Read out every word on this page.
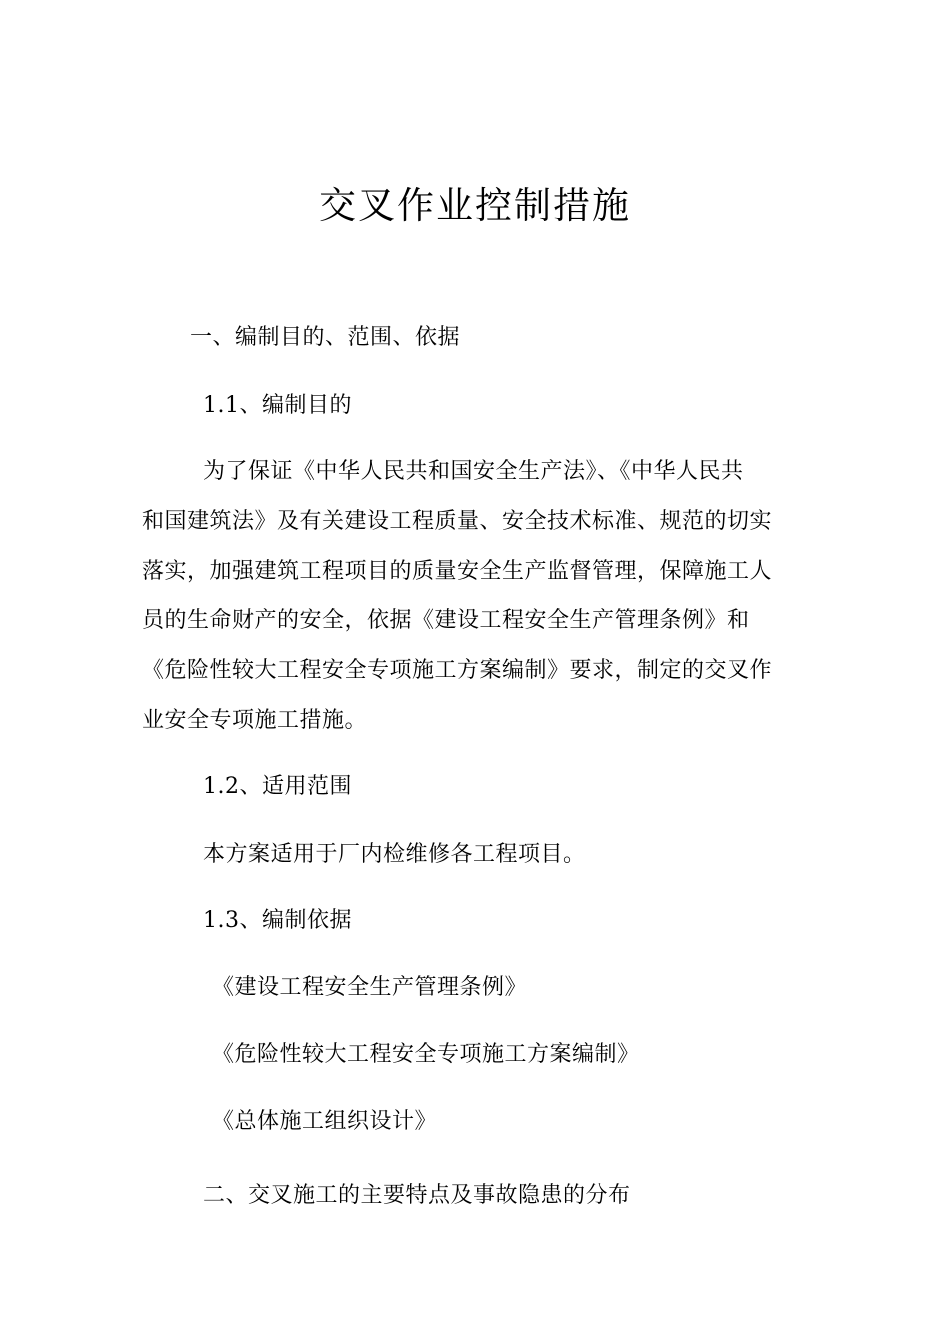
交叉作业控制措施
一、编制目的、范围、依据
1.1、编制目的
为了保证《中华人民共和国安全生产法》、《中华人民共
和国建筑法》及有关建设工程质量、安全技术标准、规范的切实
落实，加强建筑工程项目的质量安全生产监督管理，保障施工人
员的生命财产的安全，依据《建设工程安全生产管理条例》和
《危险性较大工程安全专项施工方案编制》要求，制定的交叉作
业安全专项施工措施。
1.2、适用范围
本方案适用于厂内检维修各工程项目。
1.3、编制依据
《建设工程安全生产管理条例》
《危险性较大工程安全专项施工方案编制》
《总体施工组织设计》
二、交叉施工的主要特点及事故隐患的分布
